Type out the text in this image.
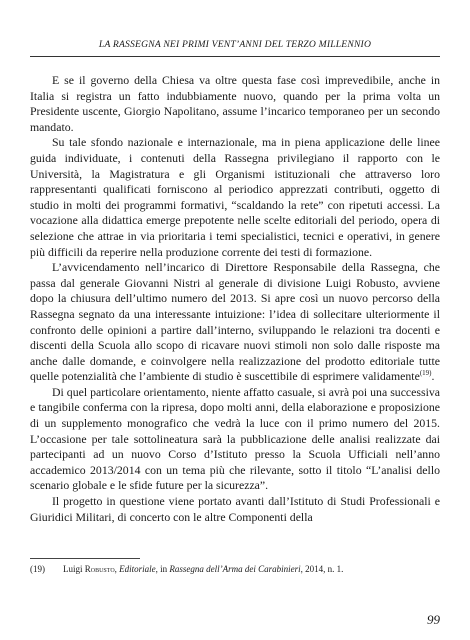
LA RASSEGNA NEI PRIMI VENT’ANNI DEL TERZO MILLENNIO

E se il governo della Chiesa va oltre questa fase così imprevedibile, anche in Italia si registra un fatto indubbiamente nuovo, quando per la prima volta un Presidente uscente, Giorgio Napolitano, assume l’incarico temporaneo per un secondo mandato.

Su tale sfondo nazionale e internazionale, ma in piena applicazione delle linee guida individuate, i contenuti della Rassegna privilegiano il rapporto con le Università, la Magistratura e gli Organismi istituzionali che attraverso loro rappresentanti qualificati forniscono al periodico apprezzati contributi, oggetto di studio in molti dei programmi formativi, “scaldando la rete” con ripetuti accessi. La vocazione alla didattica emerge prepotente nelle scelte editoriali del periodo, opera di selezione che attrae in via prioritaria i temi specialistici, tecnici e operativi, in genere più difficili da reperire nella produzione corrente dei testi di formazione.

L’avvicendamento nell’incarico di Direttore Responsabile della Rassegna, che passa dal generale Giovanni Nistri al generale di divisione Luigi Robusto, avviene dopo la chiusura dell’ultimo numero del 2013. Si apre così un nuovo percorso della Rassegna segnato da una interessante intuizione: l’idea di sollecitare ulteriormente il confronto delle opinioni a partire dall’interno, sviluppando le relazioni tra docenti e discenti della Scuola allo scopo di ricavare nuovi stimoli non solo dalle risposte ma anche dalle domande, e coinvolgere nella realizzazione del prodotto editoriale tutte quelle potenzialità che l’ambiente di studio è suscettibile di esprimere validamente$^{(19)}$.

Di quel particolare orientamento, niente affatto casuale, si avrà poi una successiva e tangibile conferma con la ripresa, dopo molti anni, della elaborazione e proposizione di un supplemento monografico che vedrà la luce con il primo numero del 2015. L’occasione per tale sottolineatura sarà la pubblicazione delle analisi realizzate dai partecipanti ad un nuovo Corso d’Istituto presso la Scuola Ufficiali nell’anno accademico 2013/2014 con un tema più che rilevante, sotto il titolo “L’analisi dello scenario globale e le sfide future per la sicurezza”.

Il progetto in questione viene portato avanti dall’Istituto di Studi Professionali e Giuridici Militari, di concerto con le altre Componenti della

(19) Luigi Robusto, Editoriale, in Rassegna dell’Arma dei Carabinieri, 2014, n. 1.
99
